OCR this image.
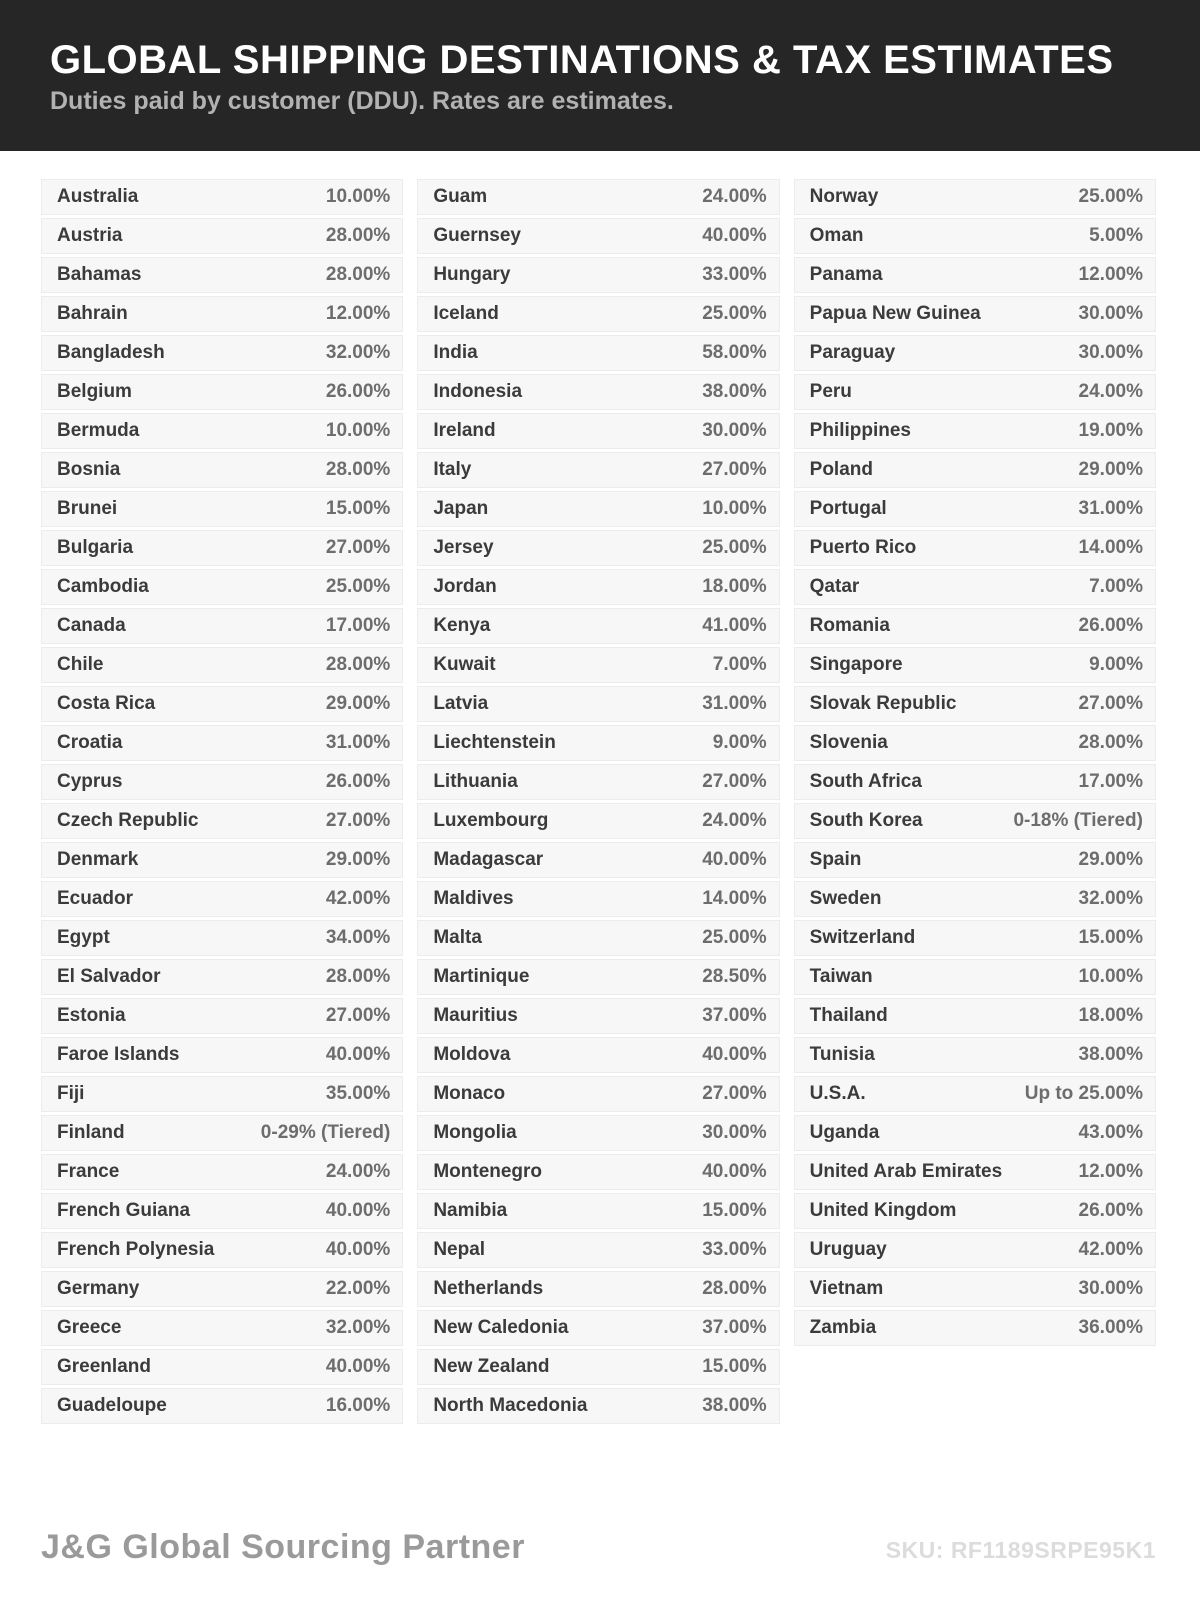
GLOBAL SHIPPING DESTINATIONS & TAX ESTIMATES

Duties paid by customer (DDU). Rates are estimates.

Australia	10.00%
Austria	28.00%
Bahamas	28.00%
Bahrain	12.00%
Bangladesh	32.00%
Belgium	26.00%
Bermuda	10.00%
Bosnia	28.00%
Brunei	15.00%
Bulgaria	27.00%
Cambodia	25.00%
Canada	17.00%
Chile	28.00%
Costa Rica	29.00%
Croatia	31.00%
Cyprus	26.00%
Czech Republic	27.00%
Denmark	29.00%
Ecuador	42.00%
Egypt	34.00%
El Salvador	28.00%
Estonia	27.00%
Faroe Islands	40.00%
Fiji	35.00%
Finland	0-29% (Tiered)
France	24.00%
French Guiana	40.00%
French Polynesia	40.00%
Germany	22.00%
Greece	32.00%
Greenland	40.00%
Guadeloupe	16.00%
Guam	24.00%
Guernsey	40.00%
Hungary	33.00%
Iceland	25.00%
India	58.00%
Indonesia	38.00%
Ireland	30.00%
Italy	27.00%
Japan	10.00%
Jersey	25.00%
Jordan	18.00%
Kenya	41.00%
Kuwait	7.00%
Latvia	31.00%
Liechtenstein	9.00%
Lithuania	27.00%
Luxembourg	24.00%
Madagascar	40.00%
Maldives	14.00%
Malta	25.00%
Martinique	28.50%
Mauritius	37.00%
Moldova	40.00%
Monaco	27.00%
Mongolia	30.00%
Montenegro	40.00%
Namibia	15.00%
Nepal	33.00%
Netherlands	28.00%
New Caledonia	37.00%
New Zealand	15.00%
North Macedonia	38.00%
Norway	25.00%
Oman	5.00%
Panama	12.00%
Papua New Guinea	30.00%
Paraguay	30.00%
Peru	24.00%
Philippines	19.00%
Poland	29.00%
Portugal	31.00%
Puerto Rico	14.00%
Qatar	7.00%
Romania	26.00%
Singapore	9.00%
Slovak Republic	27.00%
Slovenia	28.00%
South Africa	17.00%
South Korea	0-18% (Tiered)
Spain	29.00%
Sweden	32.00%
Switzerland	15.00%
Taiwan	10.00%
Thailand	18.00%
Tunisia	38.00%
U.S.A.	Up to 25.00%
Uganda	43.00%
United Arab Emirates	12.00%
United Kingdom	26.00%
Uruguay	42.00%
Vietnam	30.00%
Zambia	36.00%
J&G Global Sourcing Partner	SKU: RF1189SRPE95K1
